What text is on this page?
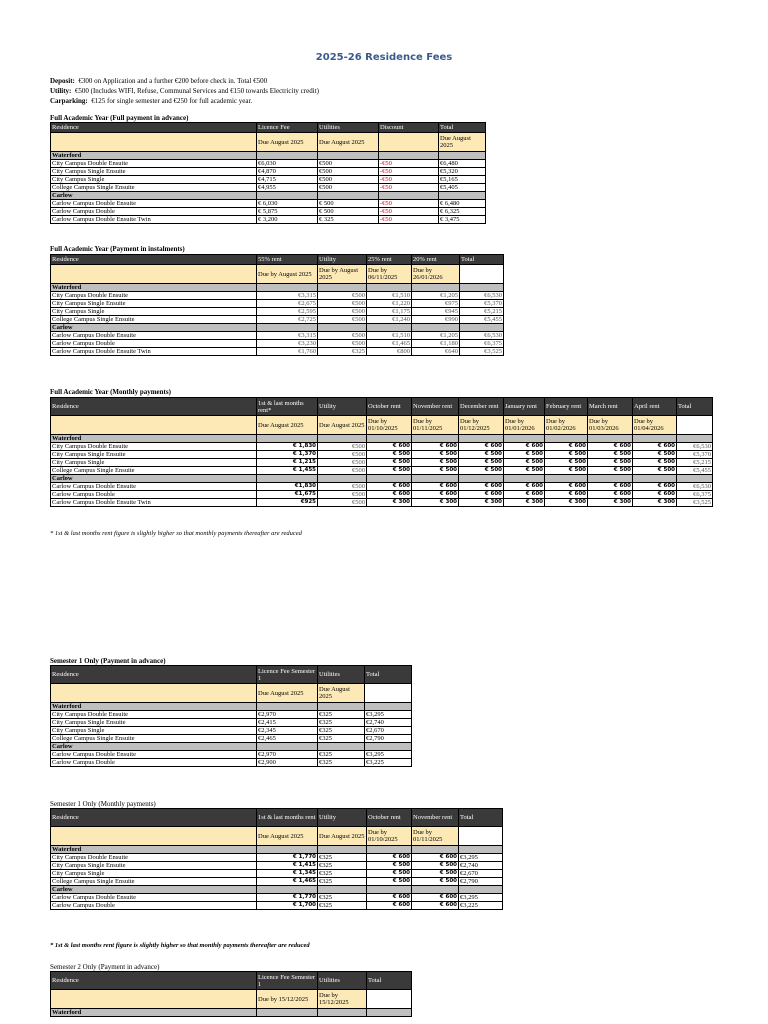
2025-26 Residence Fees
Deposit: €300 on Application and a further €200 before check in. Total €500
Utility: €500 (Includes WIFI, Refuse, Communal Services and €150 towards Electricity credit)
Carparking: €125 for single semester and €250 for full academic year.
Full Academic Year (Full payment in advance)
Residence	Licence Fee	Utilities	Discount	Total
	Due August 2025	Due August 2025		Due August 2025
Waterford				
City Campus Double Ensuite	€6,030	€500	-€50	€6,480
City Campus Single Ensuite	€4,870	€500	-€50	€5,320
City Campus Single	€4,715	€500	-€50	€5,165
College Campus Single Ensuite	€4,955	€500	-€50	€5,405
Carlow				
Carlow Campus Double Ensuite	€ 6,030	€ 500	-€50	€ 6,480
Carlow Campus Double	€ 5,875	€ 500	-€50	€ 6,325
Carlow Campus Double Ensuite Twin	€ 3,200	€ 325	-€50	€ 3,475
Full Academic Year (Payment in instalments)
Residence	55% rent	Utility	25% rent	20% rent	Total
	Due by August 2025	Due by August 2025	Due by 06/11/2025	Due by 26/01/2026	
Waterford					
City Campus Double Ensuite	€3,315	€500	€1,510	€1,205	€6,530
City Campus Single Ensuite	€2,675	€500	€1,220	€975	€5,370
City Campus Single	€2,595	€500	€1,175	€945	€5,215
College Campus Single Ensuite	€2,725	€500	€1,240	€990	€5,455
Carlow					
Carlow Campus Double Ensuite	€3,315	€500	€1,510	€1,205	€6,530
Carlow Campus Double	€3,230	€500	€1,465	€1,180	€6,375
Carlow Campus Double Ensuite Twin	€1,760	€325	€800	€640	€3,525
Full Academic Year (Monthly payments)
Residence	1st & last months rent*	Utility	October rent	November rent	December rent	January rent	February rent	March rent	April rent	Total
	Due August 2025	Due August 2025	Due by 01/10/2025	Due by 01/11/2025	Due by 01/12/2025	Due by 01/01/2026	Due by 01/02/2026	Due by 01/03/2026	Due by 01/04/2026	
Waterford										
City Campus Double Ensuite	€ 1,830	€500	€ 600	€ 600	€ 600	€ 600	€ 600	€ 600	€ 600	€6,530
City Campus Single Ensuite	€ 1,370	€500	€ 500	€ 500	€ 500	€ 500	€ 500	€ 500	€ 500	€5,370
City Campus Single	€ 1,215	€500	€ 500	€ 500	€ 500	€ 500	€ 500	€ 500	€ 500	€5,215
College Campus Single Ensuite	€ 1,455	€500	€ 500	€ 500	€ 500	€ 500	€ 500	€ 500	€ 500	€5,455
Carlow										
Carlow Campus Double Ensuite	€1,830	€500	€ 600	€ 600	€ 600	€ 600	€ 600	€ 600	€ 600	€6,530
Carlow Campus Double	€1,675	€500	€ 600	€ 600	€ 600	€ 600	€ 600	€ 600	€ 600	€6,375
Carlow Campus Double Ensuite Twin	€925	€500	€ 300	€ 300	€ 300	€ 300	€ 300	€ 300	€ 300	€3,525
* 1st & last months rent figure is slightly higher so that monthly payments thereafter are reduced
Semester 1 Only (Payment in advance)
Residence	Licence Fee Semester 1	Utilities	Total
	Due August 2025	Due August 2025	
Waterford			
City Campus Double Ensuite	€2,970	€325	€3,295
City Campus Single Ensuite	€2,415	€325	€2,740
City Campus Single	€2,345	€325	€2,670
College Campus Single Ensuite	€2,465	€325	€2,790
Carlow			
Carlow Campus Double Ensuite	€2,970	€325	€3,295
Carlow Campus Double	€2,900	€325	€3,225
Semester 1 Only (Monthly payments)
Residence	1st & last months rent	Utility	October rent	November rent	Total
	Due August 2025	Due August 2025	Due by 01/10/2025	Due by 01/11/2025	
Waterford					
City Campus Double Ensuite	€ 1,770	€325	€ 600	€ 600	€3,295
City Campus Single Ensuite	€ 1,415	€325	€ 500	€ 500	€2,740
City Campus Single	€ 1,345	€325	€ 500	€ 500	€2,670
College Campus Single Ensuite	€ 1,465	€325	€ 500	€ 500	€2,790
Carlow					
Carlow Campus Double Ensuite	€ 1,770	€325	€ 600	€ 600	€3,295
Carlow Campus Double	€ 1,700	€325	€ 600	€ 600	€3,225
* 1st & last months rent figure is slightly higher so that monthly payments thereafter are reduced
Semester 2 Only (Payment in advance)
Residence	Licence Fee Semester 1	Utilities	Total
	Due by 15/12/2025	Due by 15/12/2025	
Waterford			
